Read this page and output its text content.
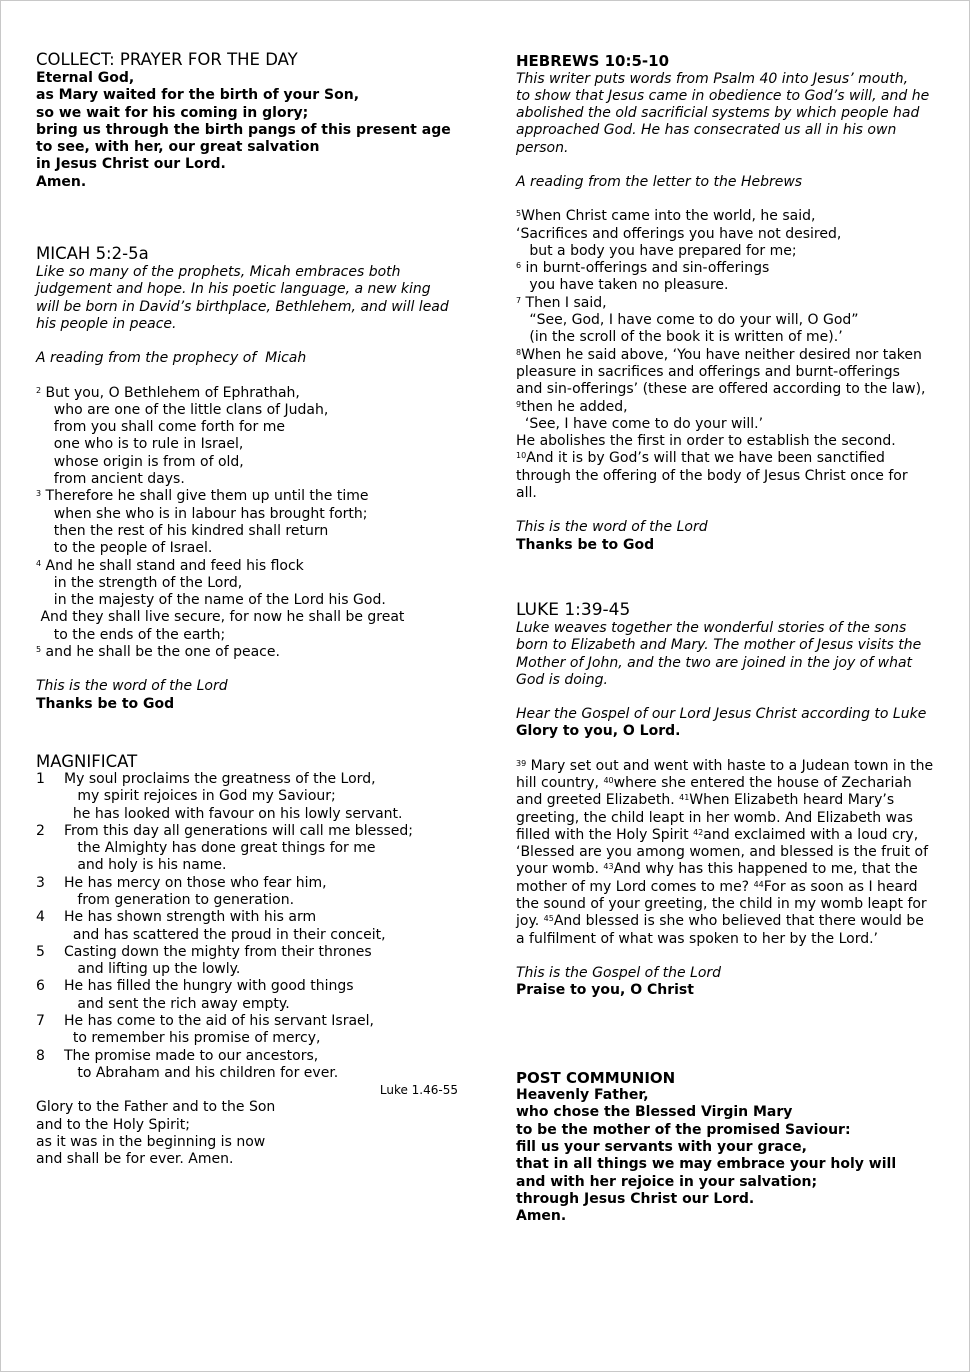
COLLECT: PRAYER FOR THE DAY
Eternal God,
as Mary waited for the birth of your Son,
so we wait for his coming in glory;
bring us through the birth pangs of this present age
to see, with her, our great salvation
in Jesus Christ our Lord.
Amen.
MICAH 5:2-5a
Like so many of the prophets, Micah embraces both
judgement and hope. In his poetic language, a new king
will be born in David’s birthplace, Bethlehem, and will lead
his people in peace.
A reading from the prophecy of  Micah
$^2$ But you, O Bethlehem of Ephrathah,
who are one of the little clans of Judah,
from you shall come forth for me
one who is to rule in Israel,
whose origin is from of old,
from ancient days.
$^3$ Therefore he shall give them up until the time
when she who is in labour has brought forth;
then the rest of his kindred shall return
to the people of Israel.
$^4$ And he shall stand and feed his flock
in the strength of the Lord,
in the majesty of the name of the Lord his God.
And they shall live secure, for now he shall be great
to the ends of the earth;
$^5$ and he shall be the one of peace.
This is the word of the Lord
Thanks be to God
MAGNIFICAT
1	My soul proclaims the greatness of the Lord,
my spirit rejoices in God my Saviour;
he has looked with favour on his lowly servant.
2	From this day all generations will call me blessed;
the Almighty has done great things for me
and holy is his name.
3	He has mercy on those who fear him,
from generation to generation.
4	He has shown strength with his arm
and has scattered the proud in their conceit,
5	Casting down the mighty from their thrones
and lifting up the lowly.
6	He has filled the hungry with good things
and sent the rich away empty.
7	He has come to the aid of his servant Israel,
to remember his promise of mercy,
8	The promise made to our ancestors,
to Abraham and his children for ever.
Luke 1.46-55
Glory to the Father and to the Son
and to the Holy Spirit;
as it was in the beginning is now
and shall be for ever. Amen.
HEBREWS 10:5-10
This writer puts words from Psalm 40 into Jesus’ mouth,
to show that Jesus came in obedience to God’s will, and he
abolished the old sacrificial systems by which people had
approached God. He has consecrated us all in his own
person.
A reading from the letter to the Hebrews
$^5$When Christ came into the world, he said,
‘Sacrifices and offerings you have not desired,
but a body you have prepared for me;
$^6$ in burnt-offerings and sin-offerings
you have taken no pleasure.
$^7$ Then I said,
“See, God, I have come to do your will, O God”
(in the scroll of the book it is written of me).’
$^8$When he said above, ‘You have neither desired nor taken
pleasure in sacrifices and offerings and burnt-offerings
and sin-offerings’ (these are offered according to the law),
$^9$then he added,
‘See, I have come to do your will.’
He abolishes the first in order to establish the second.
$^{10}$And it is by God’s will that we have been sanctified
through the offering of the body of Jesus Christ once for
all.
This is the word of the Lord
Thanks be to God
LUKE 1:39-45
Luke weaves together the wonderful stories of the sons
born to Elizabeth and Mary. The mother of Jesus visits the
Mother of John, and the two are joined in the joy of what
God is doing.
Hear the Gospel of our Lord Jesus Christ according to Luke
Glory to you, O Lord.
$^{39}$ Mary set out and went with haste to a Judean town in the hill country, $^{40}$where she entered the house of Zechariah and greeted Elizabeth. $^{41}$When Elizabeth heard Mary’s greeting, the child leapt in her womb. And Elizabeth was filled with the Holy Spirit $^{42}$and exclaimed with a loud cry, ‘Blessed are you among women, and blessed is the fruit of your womb. $^{43}$And why has this happened to me, that the mother of my Lord comes to me? $^{44}$For as soon as I heard the sound of your greeting, the child in my womb leapt for joy. $^{45}$And blessed is she who believed that there would be a fulfilment of what was spoken to her by the Lord.’
This is the Gospel of the Lord
Praise to you, O Christ
POST COMMUNION
Heavenly Father,
who chose the Blessed Virgin Mary
to be the mother of the promised Saviour:
fill us your servants with your grace,
that in all things we may embrace your holy will
and with her rejoice in your salvation;
through Jesus Christ our Lord.
Amen.
